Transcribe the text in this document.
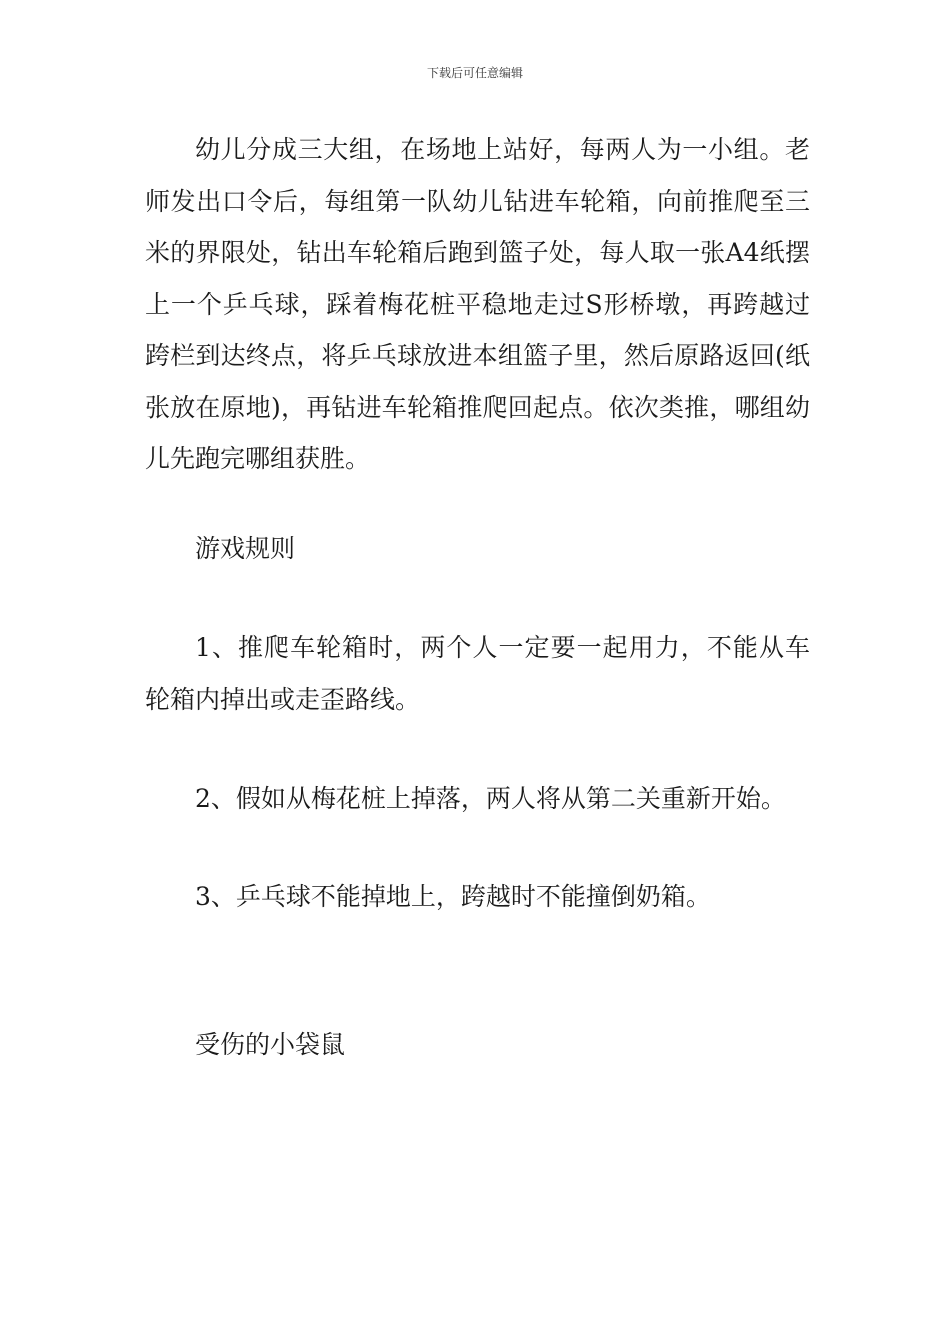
下载后可任意编辑

幼儿分成三大组，在场地上站好，每两人为一小组。老师发出口令后，每组第一队幼儿钻进车轮箱，向前推爬至三米的界限处，钻出车轮箱后跑到篮子处，每人取一张A4纸摆上一个乒乓球，踩着梅花桩平稳地走过S形桥墩，再跨越过跨栏到达终点，将乒乓球放进本组篮子里，然后原路返回(纸张放在原地)，再钻进车轮箱推爬回起点。依次类推，哪组幼儿先跑完哪组获胜。

游戏规则

1、推爬车轮箱时，两个人一定要一起用力，不能从车轮箱内掉出或走歪路线。

2、假如从梅花桩上掉落，两人将从第二关重新开始。

3、乒乓球不能掉地上，跨越时不能撞倒奶箱。

受伤的小袋鼠
